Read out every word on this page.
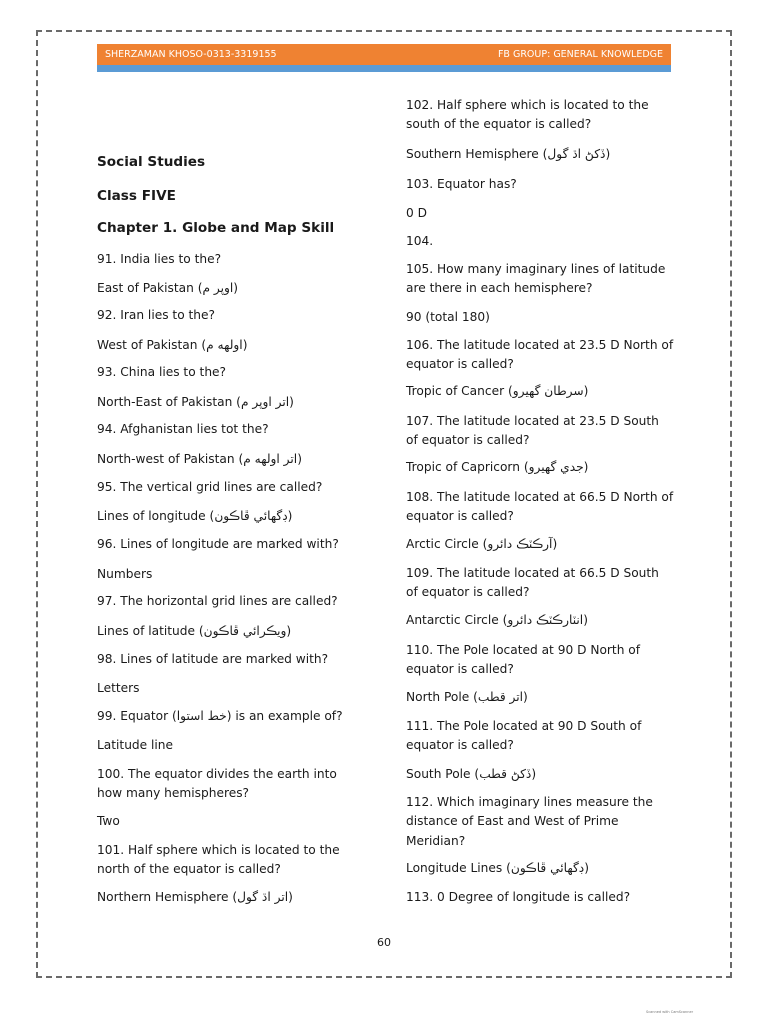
SHERZAMAN KHOSO-0313-3319155	FB GROUP: GENERAL KNOWLEDGE

Social Studies

Class FIVE

Chapter 1. Globe and Map Skill

91. India lies to the?

East of Pakistan (اوپر م)

92. Iran lies to the?

West of Pakistan (اولهه م)

93. China lies to the?

North-East of Pakistan (اتر اوپر م)

94. Afghanistan lies tot the?

North-west of Pakistan (اتر اولهه م)

95. The vertical grid lines are called?

Lines of longitude (ڊگهائي ڦاڪون)

96. Lines of longitude are marked with?

Numbers

97. The horizontal grid lines are called?

Lines of latitude (ويڪرائي ڦاڪون)

98. Lines of latitude are marked with?

Letters

99. Equator (خط استوا) is an example of?

Latitude line

100. The equator divides the earth into how many hemispheres?

Two

101. Half sphere which is located to the north of the equator is called?

Northern Hemisphere (اتر اڌ گول)

102. Half sphere which is located to the south of the equator is called?

Southern Hemisphere (ڏکڻ اڌ گول)

103. Equator has?

0 D

104.

105. How many imaginary lines of latitude are there in each hemisphere?

90 (total 180)

106. The latitude located at 23.5 D North of equator is called?

Tropic of Cancer (سرطان گهيرو)

107. The latitude located at 23.5 D South of equator is called?

Tropic of Capricorn (جدي گهيرو)

108. The latitude located at 66.5 D North of equator is called?

Arctic Circle (آرڪٽڪ دائرو)

109. The latitude located at 66.5 D South of equator is called?

Antarctic Circle (انٽارڪٽڪ دائرو)

110. The Pole located at 90 D North of equator is called?

North Pole (اتر قطب)

111. The Pole located at 90 D South of equator is called?

South Pole (ڏکڻ قطب)

112. Which imaginary lines measure the distance of East and West of Prime Meridian?

Longitude Lines (ڊگهائي ڦاڪون)

113. 0 Degree of longitude is called?

60
Scanned with CamScanner
